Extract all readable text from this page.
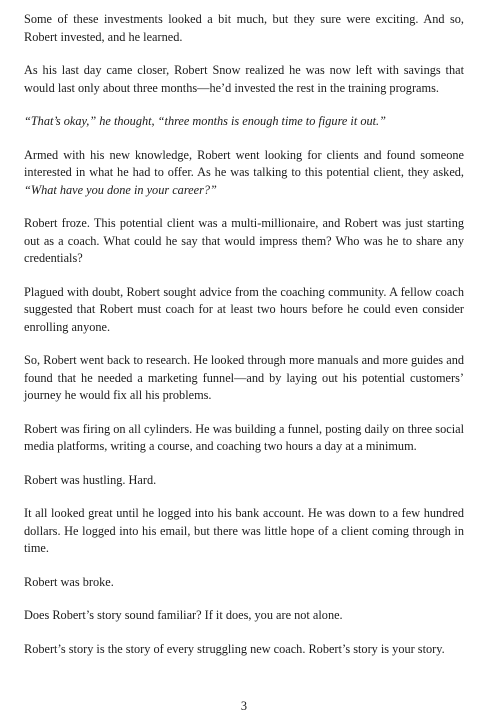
Some of these investments looked a bit much, but they sure were exciting. And so, Robert invested, and he learned.

As his last day came closer, Robert Snow realized he was now left with savings that would last only about three months—he’d invested the rest in the training programs.

“That’s okay,” he thought, “three months is enough time to figure it out.”

Armed with his new knowledge, Robert went looking for clients and found someone interested in what he had to offer. As he was talking to this potential client, they asked, “What have you done in your career?”

Robert froze. This potential client was a multi-millionaire, and Robert was just starting out as a coach. What could he say that would impress them? Who was he to share any credentials?

Plagued with doubt, Robert sought advice from the coaching community. A fellow coach suggested that Robert must coach for at least two hours before he could even consider enrolling anyone.

So, Robert went back to research. He looked through more manuals and more guides and found that he needed a marketing funnel—and by laying out his potential customers’ journey he would fix all his problems.

Robert was firing on all cylinders. He was building a funnel, posting daily on three social media platforms, writing a course, and coaching two hours a day at a minimum.

Robert was hustling. Hard.

It all looked great until he logged into his bank account. He was down to a few hundred dollars. He logged into his email, but there was little hope of a client coming through in time.

Robert was broke.

Does Robert’s story sound familiar? If it does, you are not alone.

Robert’s story is the story of every struggling new coach. Robert’s story is your story.

3
